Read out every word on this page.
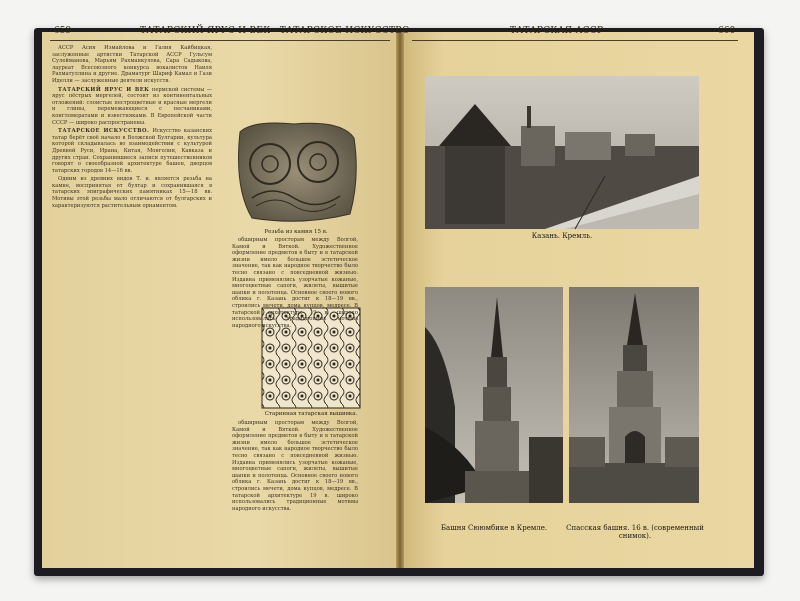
659	ТАТАРСКИЙ ЯРУС И ВЕК—ТАТАРСКОЕ ИСКУССТВО

АССР Асия Измайлова и Галия Кайбицкая, заслуженные артистки Татарской АССР Гульсум Сулейманова, Марьям Рахманкулова, Сара Садыкова, лауреат Всесоюзного конкурса вокалистов Наиля Рахматуллина и другие. Драматург Шариф Камал и Гази Иделли — заслуженные деятели искусств.

ТАТАРСКИЙ ЯРУС И ВЕК пермской системы — ярус пёстрых мергелей, состоит из континентальных отложений: слоистые пестроцветные и красные мергели и глины, перемежающиеся с песчаниками, конгломератами и известняками. В Европейской части СССР — широко распространены.

ТАТАРСКОЕ ИСКУССТВО. Искусство казанских татар берёт своё начало в Волжской Булгарии, культура которой складывалась во взаимодействии с культурой Древней Руси, Ирана, Китая, Монголии, Кавказа и других стран. Сохранившиеся записи путешественников говорят о своеобразной архитектуре башен, дворцов татарских городов 14—16 вв.

Одним из древних видов Т. и. является резьба на камне, воспринятая от булгар и сохранившаяся в татарских эпиграфических памятниках 15—18 вв. Мотивы этой резьбы мало отличаются от булгарских и характеризуются растительным орнаментом.

Резьба из камня 15 в.
Старинная татарская вышивка.

обширным просторам между Волгой, Камой и Вяткой. Художественное оформление предметов в быту и в татарской жизни имело большое эстетическое значение, так как народное творчество было тесно связано с повседневной жизнью. Издавна применялись узорчатые кожаные, многоцветные сапоги, жилеты, вышитые шапки и полотенца. Основное своего нового облика г. Казань достиг к 18—19 вв., строились мечети, дома купцов, медресе. В татарской архитектуре 19 в. широко использовались традиционные мотивы народного искусства.

обширным просторам между Волгой, Камой и Вяткой. Художественное оформление предметов в быту и в татарской жизни имело большое эстетическое значение, так как народное творчество было тесно связано с повседневной жизнью. Издавна применялись узорчатые кожаные, многоцветные сапоги, жилеты, вышитые шапки и полотенца. Основное своего нового облика г. Казань достиг к 18—19 вв., строились мечети, дома купцов, медресе. В татарской архитектуре 19 в. широко использовались традиционные мотивы народного искусства.

ТАТАРСКАЯ АССР	660
Казань. Кремль.
Башня Сююмбике в Кремле.	Спасская башня. 16 в. (современный снимок).
